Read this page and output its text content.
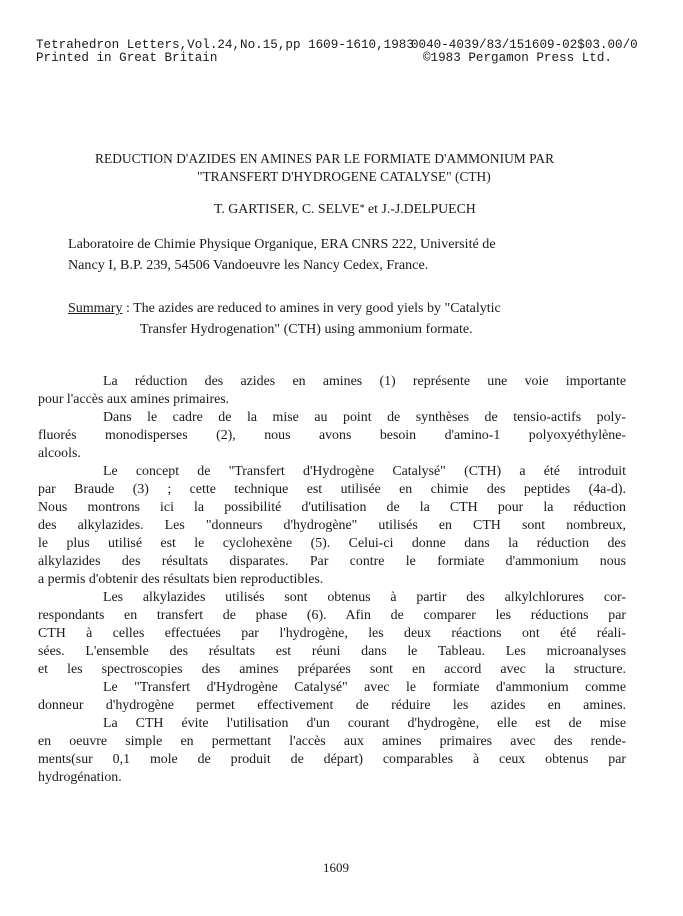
Tetrahedron Letters,Vol.24,No.15,pp 1609-1610,1983
Printed in Great Britain
0040-4039/83/151609-02$03.00/0
©1983 Pergamon Press Ltd.
REDUCTION D'AZIDES EN AMINES PAR LE FORMIATE D'AMMONIUM PAR
"TRANSFERT D'HYDROGENE CATALYSE" (CTH)
T. GARTISER, C. SELVE* et J.-J.DELPUECH
Laboratoire de Chimie Physique Organique, ERA CNRS 222, Université de
Nancy I, B.P. 239, 54506 Vandoeuvre les Nancy Cedex, France.
Summary : The azides are reduced to amines in very good yiels by "Catalytic
Transfer Hydrogenation" (CTH) using ammonium formate.
La réduction des azides en amines (1) représente une voie importante
pour l'accès aux amines primaires.
Dans le cadre de la mise au point de synthèses de tensio-actifs poly-
fluorés monodisperses (2), nous avons besoin d'amino-1 polyoxyéthylène-
alcools.
Le concept de "Transfert d'Hydrogène Catalysé" (CTH) a été introduit
par Braude (3) ; cette technique est utilisée en chimie des peptides (4a-d).
Nous montrons ici la possibilité d'utilisation de la CTH pour la réduction
des alkylazides. Les "donneurs d'hydrogène" utilisés en CTH sont nombreux,
le plus utilisé est le cyclohexène (5). Celui-ci donne dans la réduction des
alkylazides des résultats disparates. Par contre le formiate d'ammonium nous
a permis d'obtenir des résultats bien reproductibles.
Les alkylazides utilisés sont obtenus à partir des alkylchlorures cor-
respondants en transfert de phase (6). Afin de comparer les réductions par
CTH à celles effectuées par l'hydrogène, les deux réactions ont été réali-
sées. L'ensemble des résultats est réuni dans le Tableau. Les microanalyses
et les spectroscopies des amines préparées sont en accord avec la structure.
Le "Transfert d'Hydrogène Catalysé" avec le formiate d'ammonium comme
donneur d'hydrogène permet effectivement de réduire les azides en amines.
La CTH évite l'utilisation d'un courant d'hydrogène, elle est de mise
en oeuvre simple en permettant l'accès aux amines primaires avec des rende-
ments(sur 0,1 mole de produit de départ) comparables à ceux obtenus par
hydrogénation.
1609
